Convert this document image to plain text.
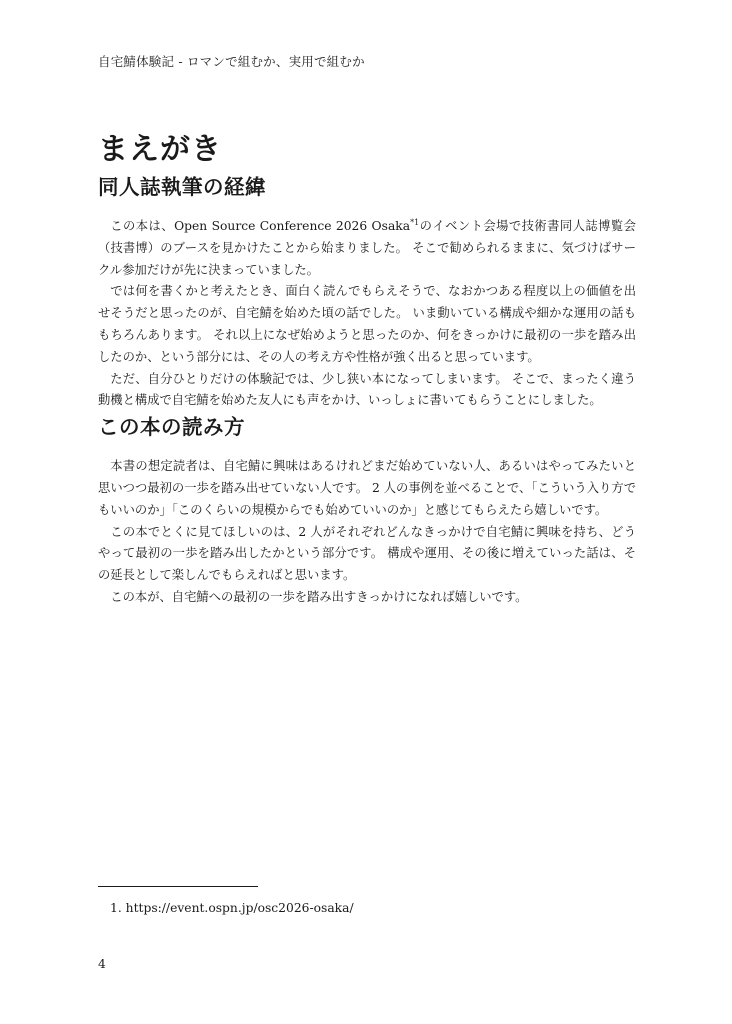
自宅鯖体験記 - ロマンで組むか、実用で組むか
まえがき
同人誌執筆の経緯

この本は、Open Source Conference 2026 Osaka$^{*1}$のイベント会場で技術書同人誌博覧会（技書博）のブースを見かけたことから始まりました。 そこで勧められるままに、気づけばサークル参加だけが先に決まっていました。

では何を書くかと考えたとき、面白く読んでもらえそうで、なおかつある程度以上の価値を出せそうだと思ったのが、自宅鯖を始めた頃の話でした。 いま動いている構成や細かな運用の話ももちろんあります。 それ以上になぜ始めようと思ったのか、何をきっかけに最初の一歩を踏み出したのか、という部分には、その人の考え方や性格が強く出ると思っています。

ただ、自分ひとりだけの体験記では、少し狭い本になってしまいます。 そこで、まったく違う動機と構成で自宅鯖を始めた友人にも声をかけ、いっしょに書いてもらうことにしました。

この本の読み方

本書の想定読者は、自宅鯖に興味はあるけれどまだ始めていない人、あるいはやってみたいと思いつつ最初の一歩を踏み出せていない人です。 2 人の事例を並べることで、「こういう入り方でもいいのか」「このくらいの規模からでも始めていいのか」と感じてもらえたら嬉しいです。

この本でとくに見てほしいのは、2 人がそれぞれどんなきっかけで自宅鯖に興味を持ち、どうやって最初の一歩を踏み出したかという部分です。 構成や運用、その後に増えていった話は、その延長として楽しんでもらえればと思います。

この本が、自宅鯖への最初の一歩を踏み出すきっかけになれば嬉しいです。

1. https://event.ospn.jp/osc2026-osaka/
4
